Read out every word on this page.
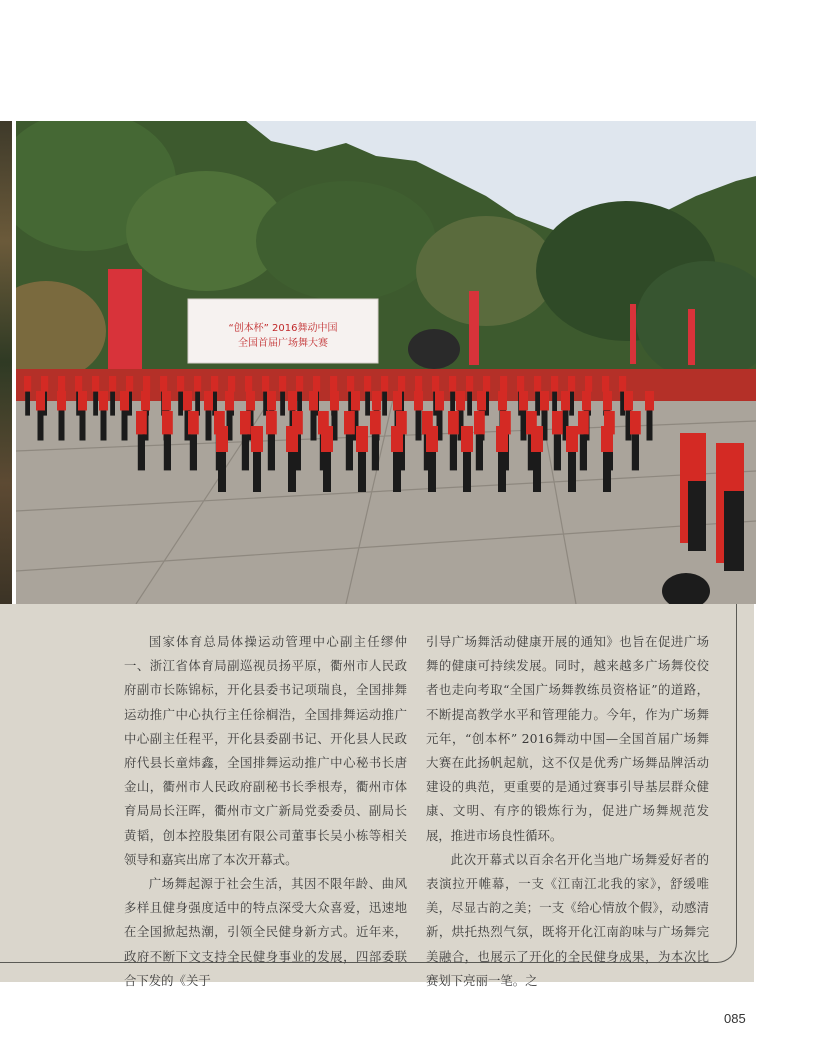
“创本杯” 2016舞动中国
全国首届广场舞大赛

国家体育总局体操运动管理中心副主任缪仲一、浙江省体育局副巡视员扬平原，衢州市人民政府副市长陈锦标，开化县委书记项瑞良，全国排舞运动推广中心执行主任徐榈浩，全国排舞运动推广中心副主任程平，开化县委副书记、开化县人民政府代县长童炜鑫，全国排舞运动推广中心秘书长唐金山，衢州市人民政府副秘书长季根寿，衢州市体育局局长汪晖，衢州市文广新局党委委员、副局长黄韬，创本控股集团有限公司董事长吴小栋等相关领导和嘉宾出席了本次开幕式。

广场舞起源于社会生活，其因不限年龄、曲风多样且健身强度适中的特点深受大众喜爱，迅速地在全国掀起热潮，引领全民健身新方式。近年来，政府不断下文支持全民健身事业的发展，四部委联合下发的《关于

引导广场舞活动健康开展的通知》也旨在促进广场舞的健康可持续发展。同时，越来越多广场舞佼佼者也走向考取“全国广场舞教练员资格证”的道路，不断提高教学水平和管理能力。今年，作为广场舞元年，“创本杯” 2016舞动中国—全国首届广场舞大赛在此扬帆起航，这不仅是优秀广场舞品牌活动建设的典范，更重要的是通过赛事引导基层群众健康、文明、有序的锻炼行为，促进广场舞规范发展，推进市场良性循环。

此次开幕式以百余名开化当地广场舞爱好者的表演拉开帷幕，一支《江南江北我的家》，舒缓唯美，尽显古韵之美；一支《给心情放个假》，动感清新，烘托热烈气氛，既将开化江南韵味与广场舞完美融合，也展示了开化的全民健身成果，为本次比赛划下亮丽一笔。之

085
